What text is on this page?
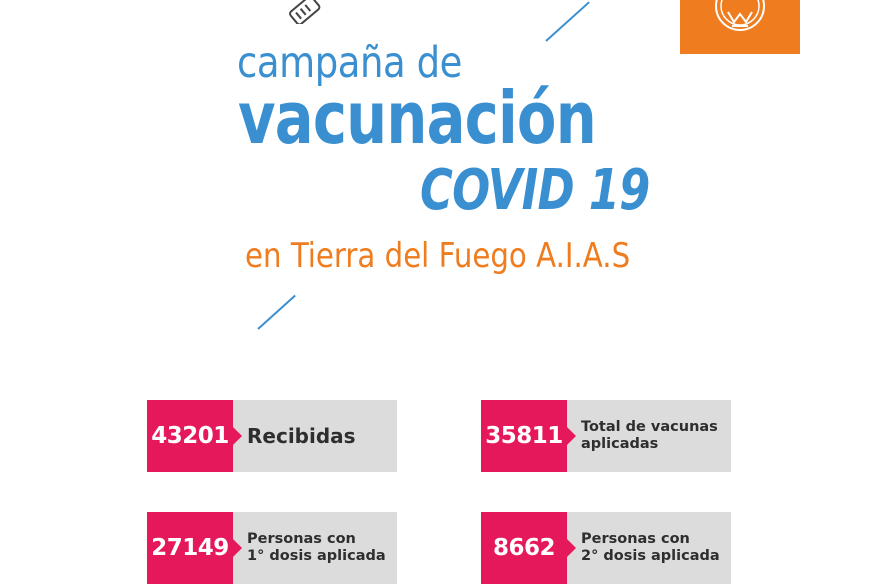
campaña de
vacunación
COVID 19
en Tierra del Fuego A.I.A.S
43201 Recibidas	35811 Total de vacunas
aplicadas
27149 Personas con
1° dosis aplicada	8662	Personas con
2° dosis aplicada
